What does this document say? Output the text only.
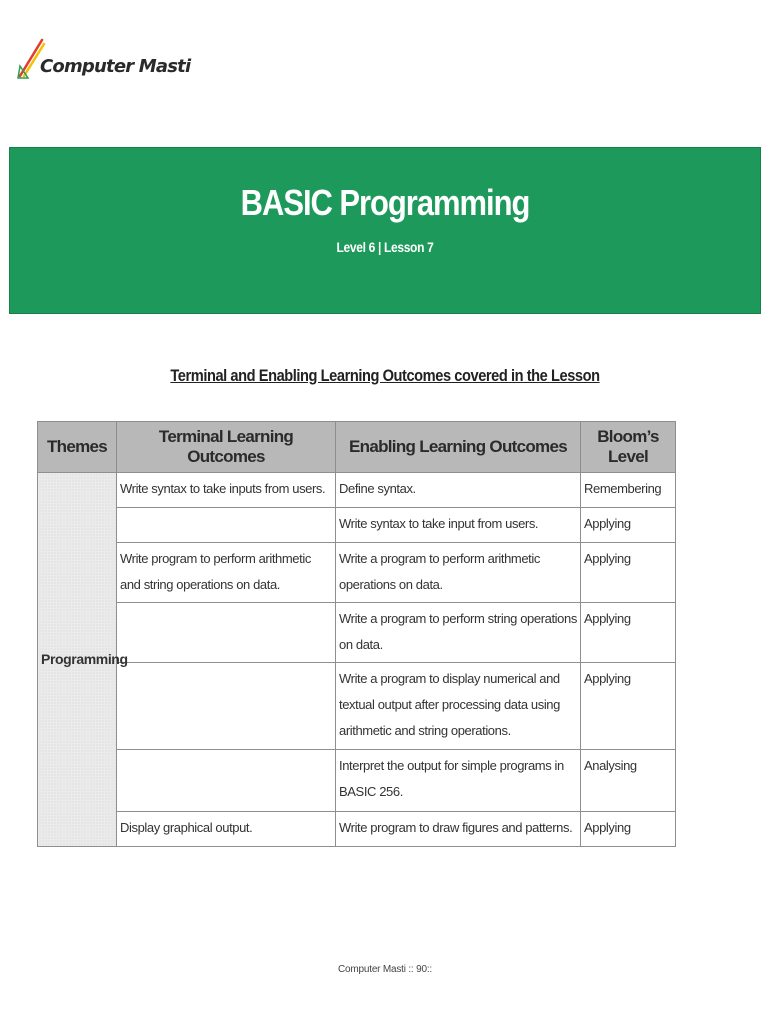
Computer Masti
BASIC Programming
Level 6 | Lesson 7
Terminal and Enabling Learning Outcomes covered in the Lesson
Themes	Terminal Learning Outcomes	Enabling Learning Outcomes	Bloom’s Level
Programming	Write syntax to take inputs from users.	Define syntax.	Remembering
		Write syntax to take input from users.	Applying
	Write program to perform arithmetic and string operations on data.	Write a program to perform arithmetic operations on data.	Applying
		Write a program to perform string operations on data.	Applying
		Write a program to display numerical and textual output after processing data using arithmetic and string operations.	Applying
		Interpret the output for simple programs in BASIC 256.	Analysing
	Display graphical output.	Write program to draw figures and patterns.	Applying
Computer Masti :: 90::
